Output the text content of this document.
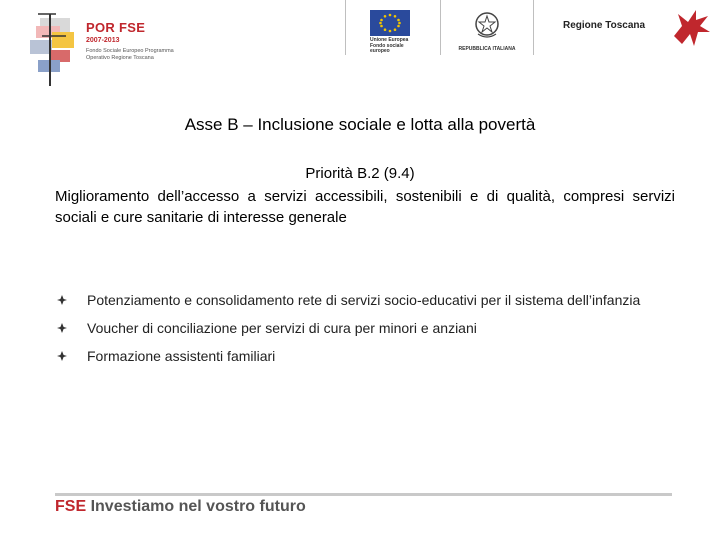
POR FSE
2007-2013
Fondo Sociale Europeo Programma Operativo Regione Toscana
Unione Europea Fondo sociale europeo	REPUBBLICA ITALIANA
Regione Toscana
Asse B – Inclusione sociale e lotta alla povertà
Priorità B.2 (9.4)
Miglioramento dell’accesso a servizi accessibili, sostenibili e di qualità, compresi servizi sociali e cure sanitarie di interesse generale
Potenziamento e consolidamento rete di servizi socio-educativi per il sistema dell’infanzia
Voucher di conciliazione per servizi di cura per minori e anziani
Formazione assistenti familiari
FSE Investiamo nel vostro futuro
